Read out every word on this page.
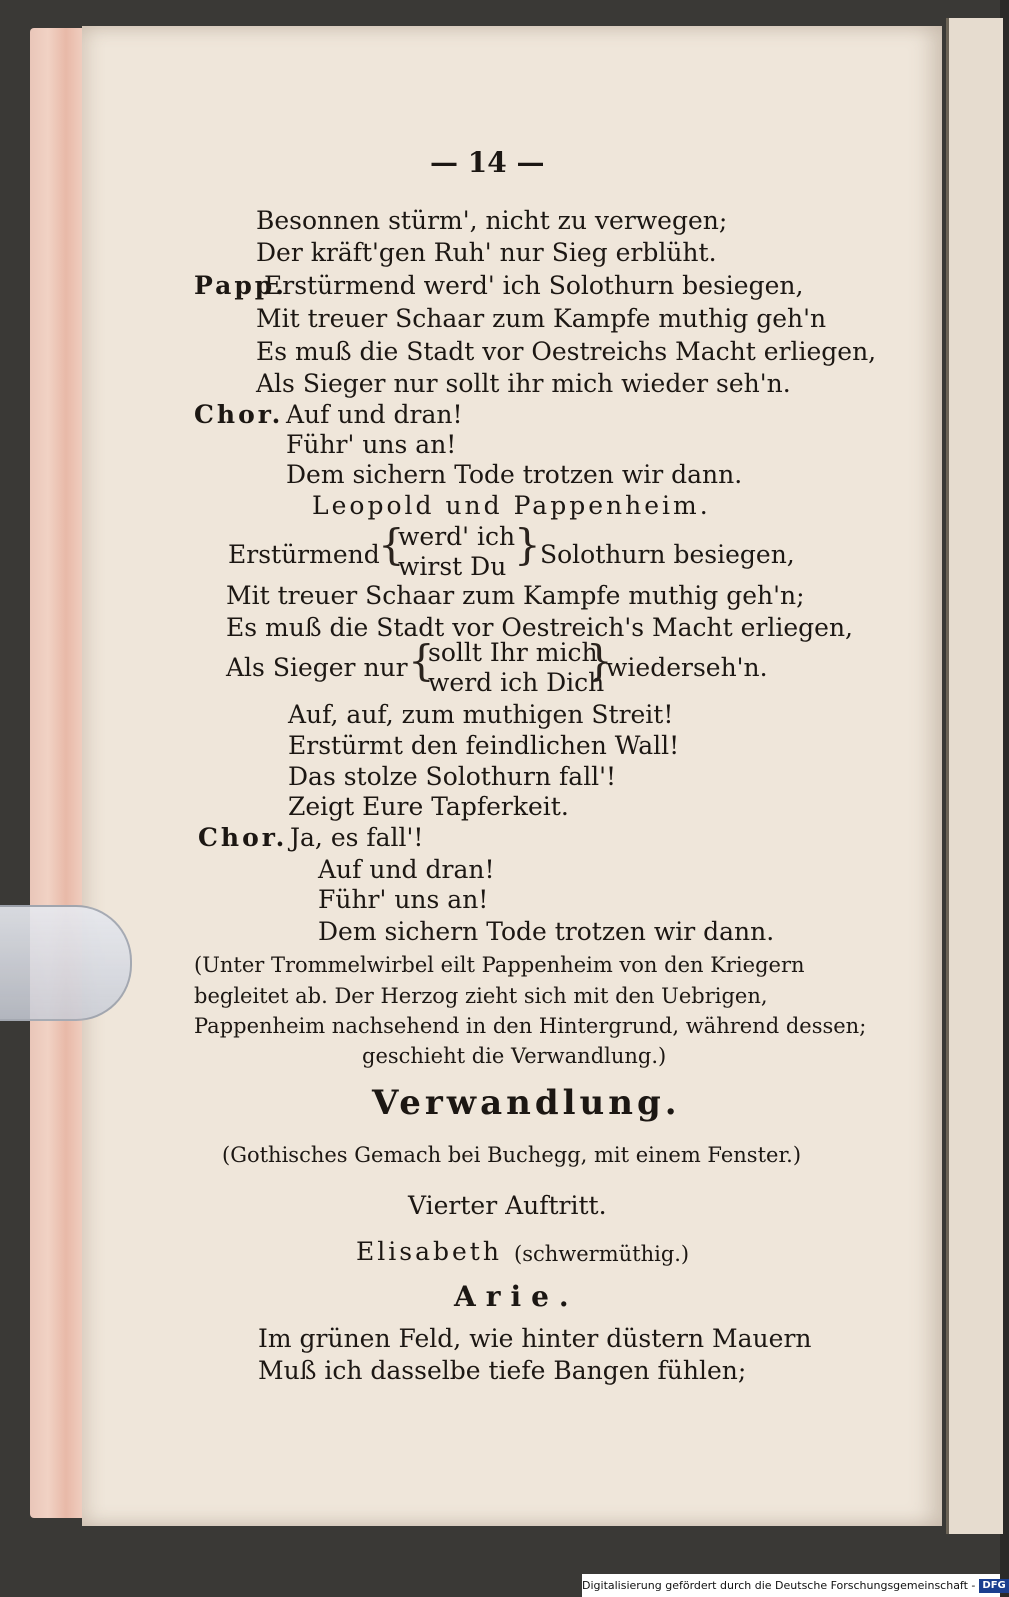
— 14 —
Besonnen stürm', nicht zu verwegen;
Der kräft'gen Ruh' nur Sieg erblüht.
Papp.
Erstürmend werd' ich Solothurn besiegen,
Mit treuer Schaar zum Kampfe muthig geh'n
Es muß die Stadt vor Oestreichs Macht erliegen,
Als Sieger nur sollt ihr mich wieder seh'n.
Chor. Auf und dran!
Führ' uns an!
Dem sichern Tode trotzen wir dann.
Leopold und Pappenheim.
Erstürmend
{
werd' ich
wirst Du } Solothurn besiegen,
Mit treuer Schaar zum Kampfe muthig geh'n;
Es muß die Stadt vor Oestreich's Macht erliegen,
Als Sieger nur {
sollt Ihr mich
werd ich Dich
}
wiederseh'n.
Auf, auf, zum muthigen Streit!
Erstürmt den feindlichen Wall!
Das stolze Solothurn fall'!
Zeigt Eure Tapferkeit.
Chor. Ja, es fall'!
Auf und dran!
Führ' uns an!
Dem sichern Tode trotzen wir dann.
(Unter Trommelwirbel eilt Pappenheim von den Kriegern
begleitet ab. Der Herzog zieht sich mit den Uebrigen,
Pappenheim nachsehend in den Hintergrund, während dessen;
geschieht die Verwandlung.)
Verwandlung.
(Gothisches Gemach bei Buchegg, mit einem Fenster.)
Vierter Auftritt.
Elisabeth (schwermüthig.)
Arie.
Im grünen Feld, wie hinter düstern Mauern
Muß ich dasselbe tiefe Bangen fühlen;
Digitalisierung gefördert durch die Deutsche Forschungsgemeinschaft - DFG
